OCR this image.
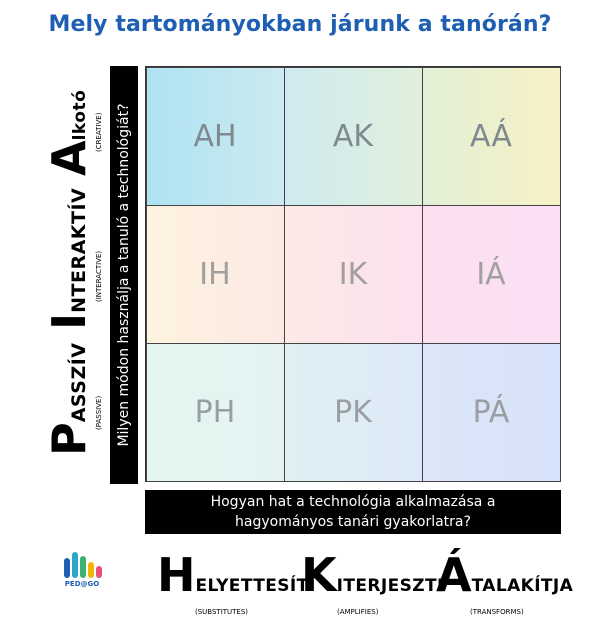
Mely tartományokban járunk a tanórán?
Alkotó (CREATIVE)
INTERAKTÍV (INTERACTIVE)
PASSZÍV (PASSIVE) Milyen módon használja a tanuló a technológiát? AH	AK	AÁ
IH	IK	IÁ
PH	PK	PÁ
Hogyan hat a technológia alkalmazása a hagyományos tanári gyakorlatra?
PED@GO HELYETTESÍTI
(SUBSTITUTES)
KITERJESZTI
(AMPLIFIES)
ÁTALAKÍTJA
(TRANSFORMS)
